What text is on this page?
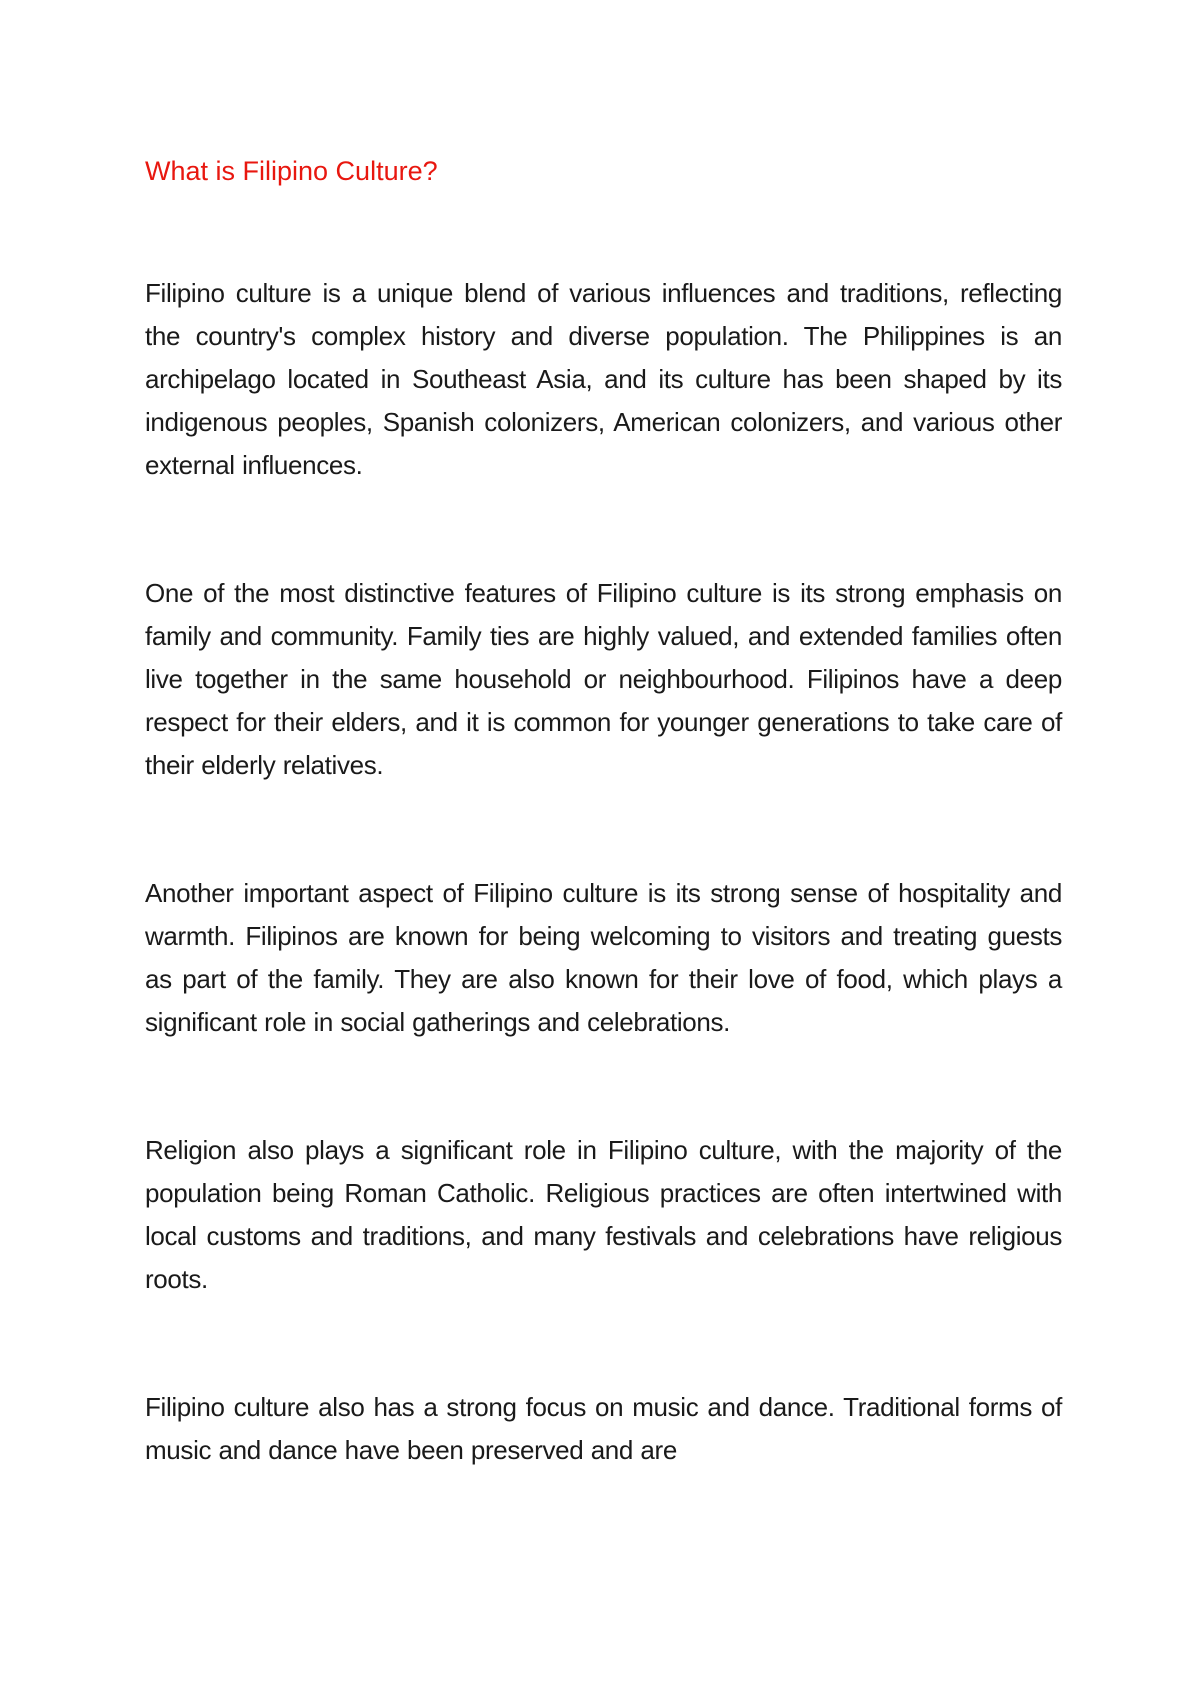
What is Filipino Culture?

Filipino culture is a unique blend of various influences and traditions, reflecting the country's complex history and diverse population. The Philippines is an archipelago located in Southeast Asia, and its culture has been shaped by its indigenous peoples, Spanish colonizers, American colonizers, and various other external influences.

One of the most distinctive features of Filipino culture is its strong emphasis on family and community. Family ties are highly valued, and extended families often live together in the same household or neighbourhood. Filipinos have a deep respect for their elders, and it is common for younger generations to take care of their elderly relatives.

Another important aspect of Filipino culture is its strong sense of hospitality and warmth. Filipinos are known for being welcoming to visitors and treating guests as part of the family. They are also known for their love of food, which plays a significant role in social gatherings and celebrations.

Religion also plays a significant role in Filipino culture, with the majority of the population being Roman Catholic. Religious practices are often intertwined with local customs and traditions, and many festivals and celebrations have religious roots.

Filipino culture also has a strong focus on music and dance. Traditional forms of music and dance have been preserved and are
